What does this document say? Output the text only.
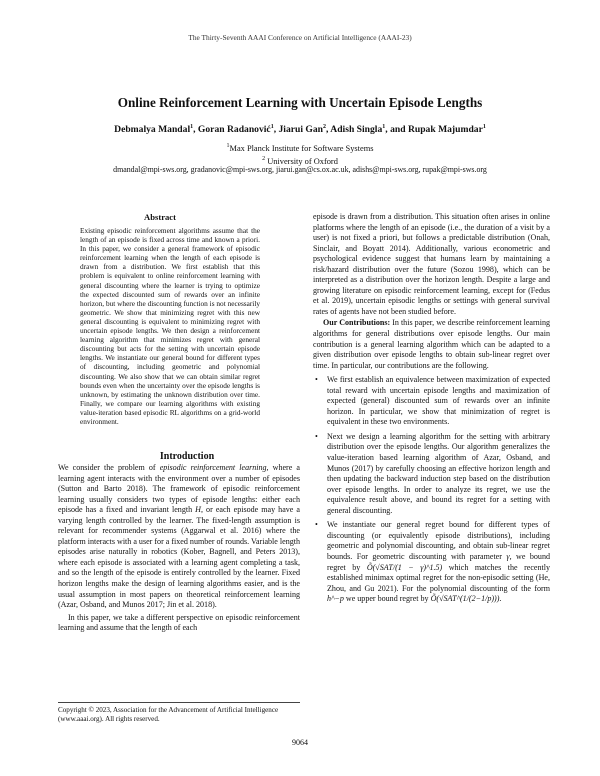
The Thirty-Seventh AAAI Conference on Artificial Intelligence (AAAI-23)
Online Reinforcement Learning with Uncertain Episode Lengths
Debmalya Mandal$^1$, Goran Radanović$^1$, Jiarui Gan$^2$, Adish Singla$^1$, and Rupak Majumdar$^1$
$^1$Max Planck Institute for Software Systems
$^2$ University of Oxford
dmandal@mpi-sws.org, gradanovic@mpi-sws.org, jiarui.gan@cs.ox.ac.uk, adishs@mpi-sws.org, rupak@mpi-sws.org
Abstract
Existing episodic reinforcement algorithms assume that the length of an episode is fixed across time and known a priori. In this paper, we consider a general framework of episodic reinforcement learning when the length of each episode is drawn from a distribution. We first establish that this problem is equivalent to online reinforcement learning with general discounting where the learner is trying to optimize the expected discounted sum of rewards over an infinite horizon, but where the discounting function is not necessarily geometric. We show that minimizing regret with this new general discounting is equivalent to minimizing regret with uncertain episode lengths. We then design a reinforcement learning algorithm that minimizes regret with general discounting but acts for the setting with uncertain episode lengths. We instantiate our general bound for different types of discounting, including geometric and polynomial discounting. We also show that we can obtain similar regret bounds even when the uncertainty over the episode lengths is unknown, by estimating the unknown distribution over time. Finally, we compare our learning algorithms with existing value-iteration based episodic RL algorithms on a grid-world environment.
Introduction

We consider the problem of episodic reinforcement learning, where a learning agent interacts with the environment over a number of episodes (Sutton and Barto 2018). The framework of episodic reinforcement learning usually considers two types of episode lengths: either each episode has a fixed and invariant length H, or each episode may have a varying length controlled by the learner. The fixed-length assumption is relevant for recommender systems (Aggarwal et al. 2016) where the platform interacts with a user for a fixed number of rounds. Variable length episodes arise naturally in robotics (Kober, Bagnell, and Peters 2013), where each episode is associated with a learning agent completing a task, and so the length of the episode is entirely controlled by the learner. Fixed horizon lengths make the design of learning algorithms easier, and is the usual assumption in most papers on theoretical reinforcement learning (Azar, Osband, and Munos 2017; Jin et al. 2018).

In this paper, we take a different perspective on episodic reinforcement learning and assume that the length of each

episode is drawn from a distribution. This situation often arises in online platforms where the length of an episode (i.e., the duration of a visit by a user) is not fixed a priori, but follows a predictable distribution (Onah, Sinclair, and Boyatt 2014). Additionally, various econometric and psychological evidence suggest that humans learn by maintaining a risk/hazard distribution over the future (Sozou 1998), which can be interpreted as a distribution over the horizon length. Despite a large and growing literature on episodic reinforcement learning, except for (Fedus et al. 2019), uncertain episodic lengths or settings with general survival rates of agents have not been studied before.

Our Contributions: In this paper, we describe reinforcement learning algorithms for general distributions over episode lengths. Our main contribution is a general learning algorithm which can be adapted to a given distribution over episode lengths to obtain sub-linear regret over time. In particular, our contributions are the following.

• We first establish an equivalence between maximization of expected total reward with uncertain episode lengths and maximization of expected (general) discounted sum of rewards over an infinite horizon. In particular, we show that minimization of regret is equivalent in these two environments.
• Next we design a learning algorithm for the setting with arbitrary distribution over the episode lengths. Our algorithm generalizes the value-iteration based learning algorithm of Azar, Osband, and Munos (2017) by carefully choosing an effective horizon length and then updating the backward induction step based on the distribution over episode lengths. In order to analyze its regret, we use the equivalence result above, and bound its regret for a setting with general discounting.
• We instantiate our general regret bound for different types of discounting (or equivalently episode distributions), including geometric and polynomial discounting, and obtain sub-linear regret bounds. For geometric discounting with parameter γ, we bound regret by Õ(√SAT/(1 − γ)^1.5) which matches the recently established minimax optimal regret for the non-episodic setting (He, Zhou, and Gu 2021). For the polynomial discounting of the form h^−p we upper bound regret by Õ(√SAT^(1/(2−1/p))).
Copyright © 2023, Association for the Advancement of Artificial Intelligence (www.aaai.org). All rights reserved.
9064
